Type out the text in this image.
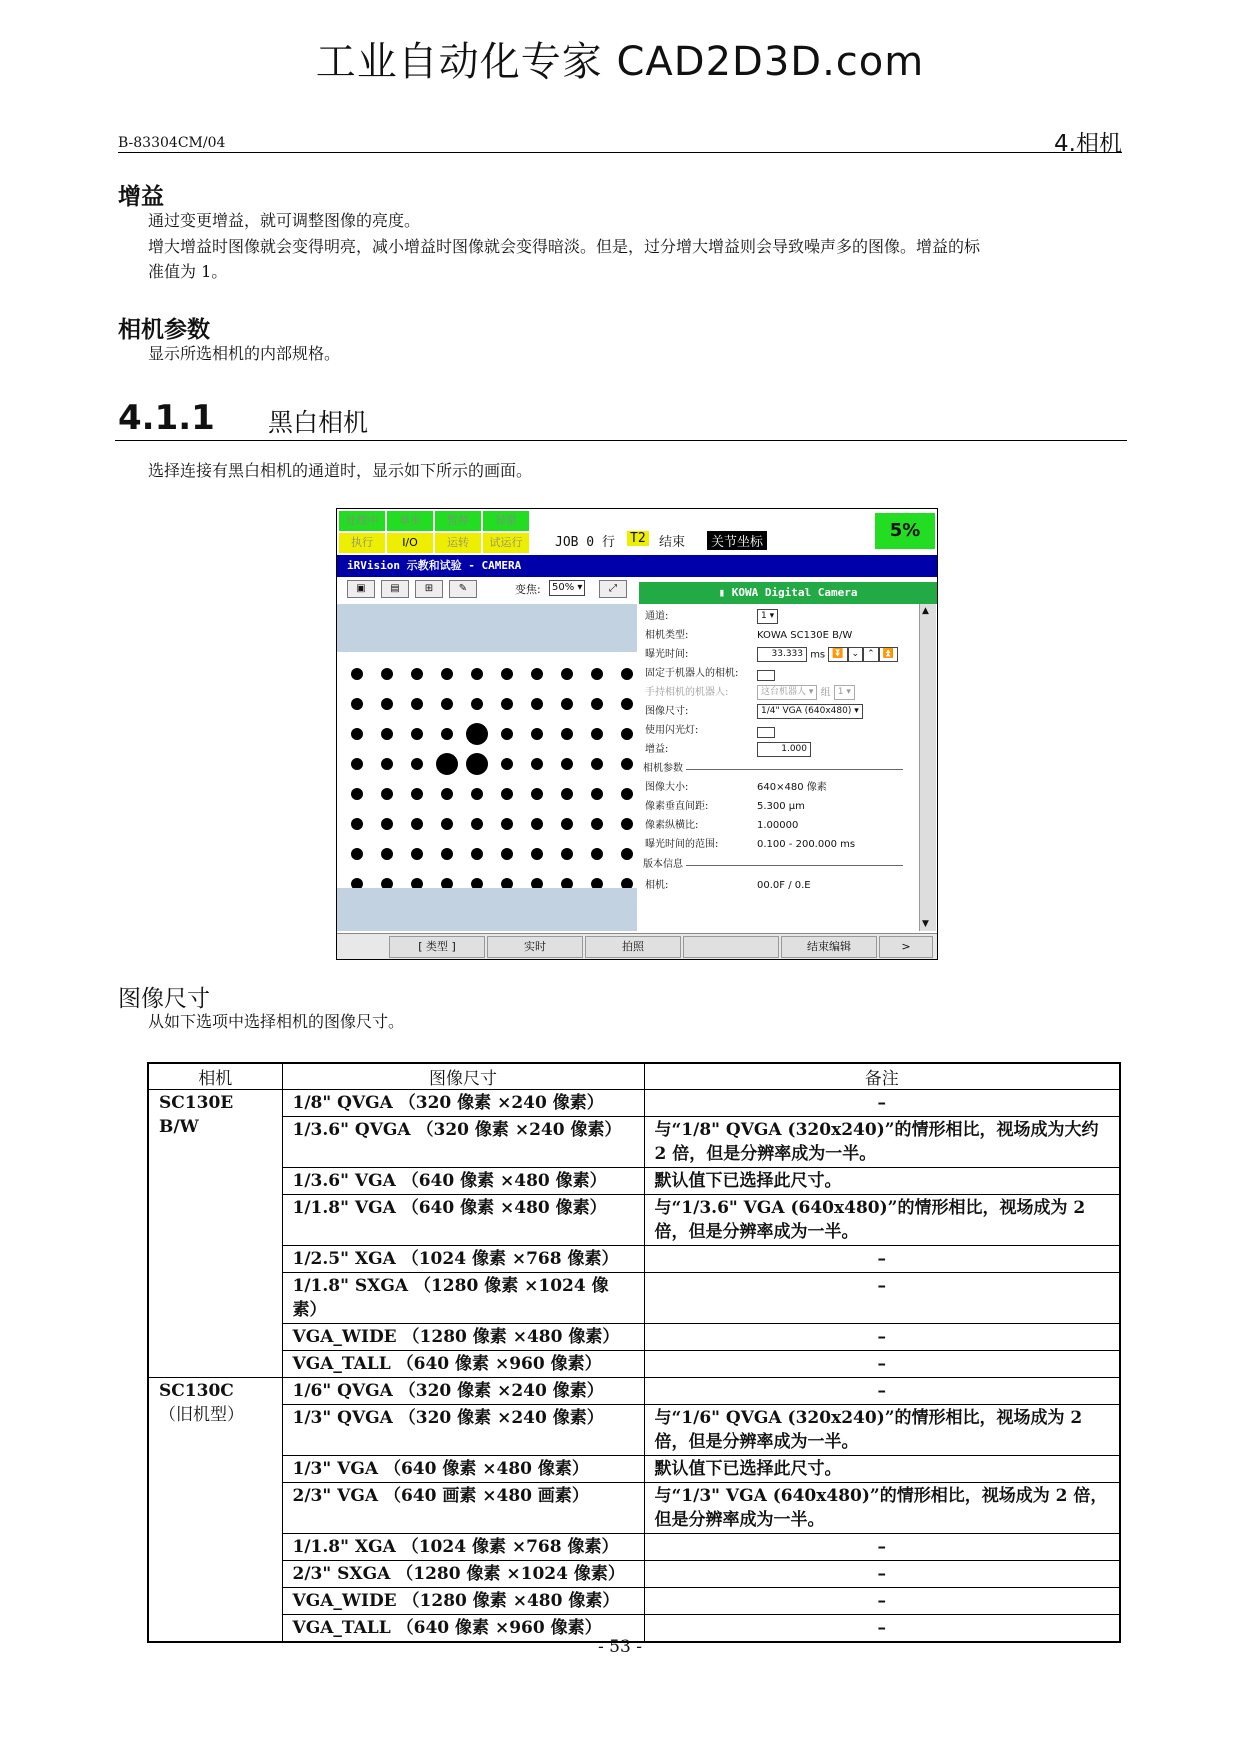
工业自动化专家 CAD2D3D.com
B-83304CM/04	4.相机
增益
通过变更增益，就可调整图像的亮度。
增大增益时图像就会变得明亮，减小增益时图像就会变得暗淡。但是，过分增大增益则会导致噪声多的图像。增益的标
准值为 1。
相机参数
显示所选相机的内部规格。
4.1.1 黑白相机
选择连接有黑白相机的通道时，显示如下所示的画面。
处理中	单步	暂停	异常
执行	I/O	运转	试运行	JOB 0 行 T2 结束	关节坐标
5%
iRVision 示教和试验 - CAMERA
▣	▤	⊞	✎	变焦:	50% ▾	⤢	▮ KOWA Digital Camera
通道:	1 ▾
相机类型:	KOWA SC130E B/W
曝光时间:	33.333 ms ⏬ ⌄ ⌃ ⏫
固定于机器人的相机:
手持相机的机器人:	这台机器人 ▾ 组 1 ▾
图像尺寸:	1/4" VGA (640x480) ▾
使用闪光灯:
增益:	1.000
相机参数
图像大小:	640×480 像素
像素垂直间距:	5.300 μm
像素纵横比:	1.00000
曝光时间的范围:	0.100 - 200.000 ms
版本信息
相机:	00.0F / 0.E
▲
▼
[ 类型 ]	实时	拍照	结束编辑	>
图像尺寸
从如下选项中选择相机的图像尺寸。
相机	图像尺寸	备注

SC130E B/W	1/8" QVGA （320 像素 ×240 像素）	–
	1/3.6" QVGA （320 像素 ×240 像素）	与“1/8" QVGA (320x240)”的情形相比，视场成为大约 2 倍，但是分辨率成为一半。
	1/3.6" VGA （640 像素 ×480 像素）	默认值下已选择此尺寸。
	1/1.8" VGA （640 像素 ×480 像素）	与“1/3.6" VGA (640x480)”的情形相比，视场成为 2 倍，但是分辨率成为一半。
	1/2.5" XGA （1024 像素 ×768 像素）	–
	1/1.8" SXGA （1280 像素 ×1024 像素）	–
	VGA_WIDE （1280 像素 ×480 像素）	–
	VGA_TALL （640 像素 ×960 像素）	–

SC130C
（旧机型）	1/6" QVGA （320 像素 ×240 像素）	–
	1/3" QVGA （320 像素 ×240 像素）	与“1/6" QVGA (320x240)”的情形相比，视场成为 2 倍，但是分辨率成为一半。
	1/3" VGA （640 像素 ×480 像素）	默认值下已选择此尺寸。
	2/3" VGA （640 画素 ×480 画素）	与“1/3" VGA (640x480)”的情形相比，视场成为 2 倍，但是分辨率成为一半。
	1/1.8" XGA （1024 像素 ×768 像素）	–
	2/3" SXGA （1280 像素 ×1024 像素）	–
	VGA_WIDE （1280 像素 ×480 像素）	–
	VGA_TALL （640 像素 ×960 像素）	–
- 53 -
